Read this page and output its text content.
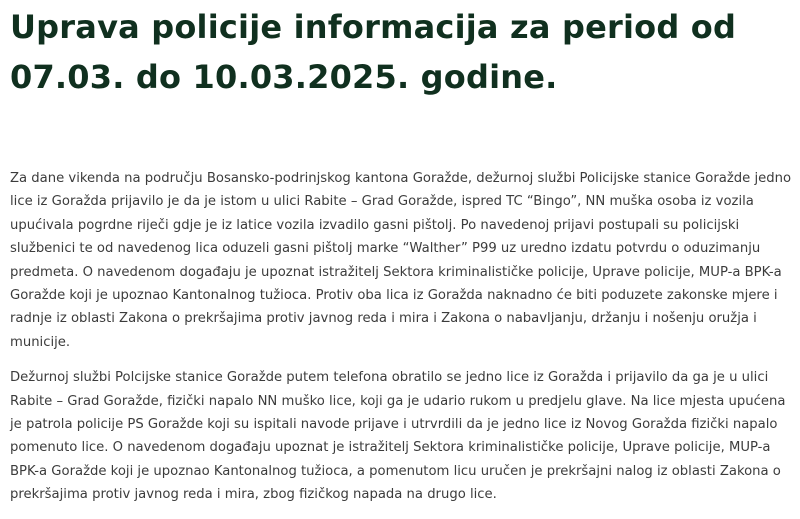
Uprava policije informacija za period od 07.03. do 10.03.2025. godine.

Za dane vikenda na području Bosansko-podrinjskog kantona Goražde, dežurnoj službi Policijske stanice Goražde jedno lice iz Goražda prijavilo je da je istom u ulici Rabite – Grad Goražde, ispred TC “Bingo”, NN muška osoba iz vozila upućivala pogrdne riječi gdje je iz latice vozila izvadilo gasni pištolj. Po navedenoj prijavi postupali su policijski službenici te od navedenog lica oduzeli gasni pištolj marke “Walther” P99 uz uredno izdatu potvrdu o oduzimanju predmeta. O navedenom događaju je upoznat istražitelj Sektora kriminalističke policije, Uprave policije, MUP-a BPK-a Goražde koji je upoznao Kantonalnog tužioca. Protiv oba lica iz Goražda naknadno će biti poduzete zakonske mjere i radnje iz oblasti Zakona o prekršajima protiv javnog reda i mira i Zakona o nabavljanju, držanju i nošenju oružja i municije.

Dežurnoj službi Polcijske stanice Goražde putem telefona obratilo se jedno lice iz Goražda i prijavilo da ga je u ulici Rabite – Grad Goražde, fizički napalo NN muško lice, koji ga je udario rukom u predjelu glave. Na lice mjesta upućena je patrola policije PS Goražde koji su ispitali navode prijave i utrvrdili da je jedno lice iz Novog Goražda fizički napalo pomenuto lice. O navedenom događaju upoznat je istražitelj Sektora kriminalističke policije, Uprave policije, MUP-a BPK-a Goražde koji je upoznao Kantonalnog tužioca, a pomenutom licu uručen je prekršajni nalog iz oblasti Zakona o prekršajima protiv javnog reda i mira, zbog fizičkog napada na drugo lice.
